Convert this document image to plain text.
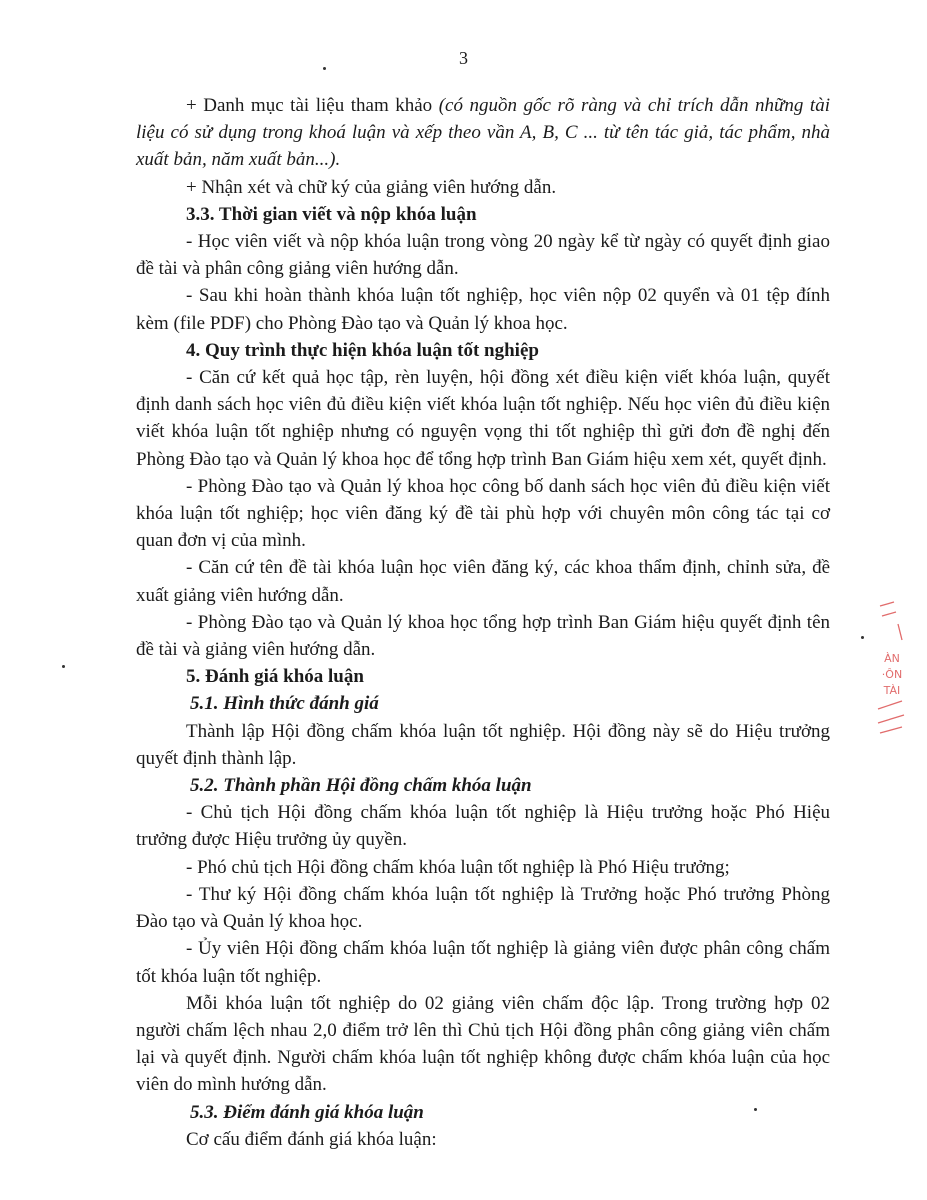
3

+ Danh mục tài liệu tham khảo (có nguồn gốc rõ ràng và chỉ trích dẫn những tài liệu có sử dụng trong khoá luận và xếp theo vần A, B, C ... từ tên tác giả, tác phẩm, nhà xuất bản, năm xuất bản...).

+ Nhận xét và chữ ký của giảng viên hướng dẫn.

3.3. Thời gian viết và nộp khóa luận

- Học viên viết và nộp khóa luận trong vòng 20 ngày kể từ ngày có quyết định giao đề tài và phân công giảng viên hướng dẫn.

- Sau khi hoàn thành khóa luận tốt nghiệp, học viên nộp 02 quyển và 01 tệp đính kèm (file PDF) cho Phòng Đào tạo và Quản lý khoa học.

4. Quy trình thực hiện khóa luận tốt nghiệp

- Căn cứ kết quả học tập, rèn luyện, hội đồng xét điều kiện viết khóa luận, quyết định danh sách học viên đủ điều kiện viết khóa luận tốt nghiệp. Nếu học viên đủ điều kiện viết khóa luận tốt nghiệp nhưng có nguyện vọng thi tốt nghiệp thì gửi đơn đề nghị đến Phòng Đào tạo và Quản lý khoa học để tổng hợp trình Ban Giám hiệu xem xét, quyết định.

- Phòng Đào tạo và Quản lý khoa học công bố danh sách học viên đủ điều kiện viết khóa luận tốt nghiệp; học viên đăng ký đề tài phù hợp với chuyên môn công tác tại cơ quan đơn vị của mình.

- Căn cứ tên đề tài khóa luận học viên đăng ký, các khoa thẩm định, chỉnh sửa, đề xuất giảng viên hướng dẫn.

- Phòng Đào tạo và Quản lý khoa học tổng hợp trình Ban Giám hiệu quyết định tên đề tài và giảng viên hướng dẫn.

5. Đánh giá khóa luận

5.1. Hình thức đánh giá

Thành lập Hội đồng chấm khóa luận tốt nghiệp. Hội đồng này sẽ do Hiệu trưởng quyết định thành lập.

5.2. Thành phần Hội đồng chấm khóa luận

- Chủ tịch Hội đồng chấm khóa luận tốt nghiệp là Hiệu trưởng hoặc Phó Hiệu trưởng được Hiệu trưởng ủy quyền.

- Phó chủ tịch Hội đồng chấm khóa luận tốt nghiệp là Phó Hiệu trưởng;

- Thư ký Hội đồng chấm khóa luận tốt nghiệp là Trưởng hoặc Phó trưởng Phòng Đào tạo và Quản lý khoa học.

- Ủy viên Hội đồng chấm khóa luận tốt nghiệp là giảng viên được phân công chấm tốt khóa luận tốt nghiệp.

Mỗi khóa luận tốt nghiệp do 02 giảng viên chấm độc lập. Trong trường hợp 02 người chấm lệch nhau 2,0 điểm trở lên thì Chủ tịch Hội đồng phân công giảng viên chấm lại và quyết định. Người chấm khóa luận tốt nghiệp không được chấm khóa luận của học viên do mình hướng dẫn.

5.3. Điểm đánh giá khóa luận

Cơ cấu điểm đánh giá khóa luận:

ÀN
·ÔN
TÀI
